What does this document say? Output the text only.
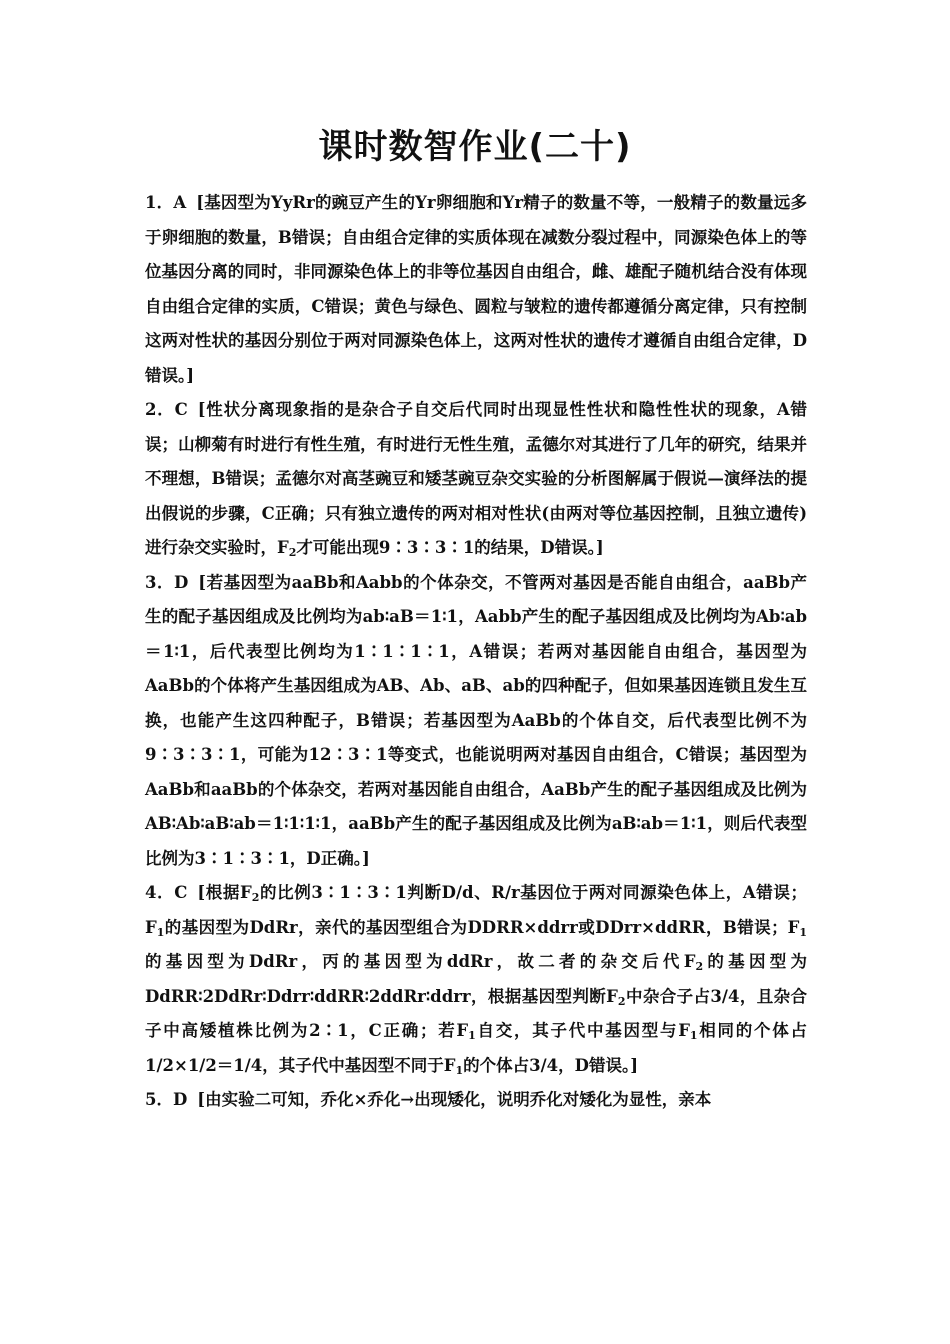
课时数智作业(二十)

1．A [基因型为YyRr的豌豆产生的Yr卵细胞和Yr精子的数量不等，一般精子的数量远多于卵细胞的数量，B错误；自由组合定律的实质体现在减数分裂过程中，同源染色体上的等位基因分离的同时，非同源染色体上的非等位基因自由组合，雌、雄配子随机结合没有体现自由组合定律的实质，C错误；黄色与绿色、圆粒与皱粒的遗传都遵循分离定律，只有控制这两对性状的基因分别位于两对同源染色体上，这两对性状的遗传才遵循自由组合定律，D错误。]

2．C [性状分离现象指的是杂合子自交后代同时出现显性性状和隐性性状的现象，A错误；山柳菊有时进行有性生殖，有时进行无性生殖，孟德尔对其进行了几年的研究，结果并不理想，B错误；孟德尔对高茎豌豆和矮茎豌豆杂交实验的分析图解属于假说—演绎法的提出假说的步骤，C正确；只有独立遗传的两对相对性状(由两对等位基因控制，且独立遗传)进行杂交实验时，$F_2$才可能出现9∶3∶3∶1的结果，D错误。]

3．D [若基因型为aaBb和Aabb的个体杂交，不管两对基因是否能自由组合，aaBb产生的配子基因组成及比例均为ab∶aB＝1∶1，Aabb产生的配子基因组成及比例均为Ab∶ab＝1∶1，后代表型比例均为1∶1∶1∶1，A错误；若两对基因能自由组合，基因型为AaBb的个体将产生基因组成为AB、Ab、aB、ab的四种配子，但如果基因连锁且发生互换，也能产生这四种配子，B错误；若基因型为AaBb的个体自交，后代表型比例不为9∶3∶3∶1，可能为12∶3∶1等变式，也能说明两对基因自由组合，C错误；基因型为AaBb和aaBb的个体杂交，若两对基因能自由组合，AaBb产生的配子基因组成及比例为AB∶Ab∶aB∶ab＝1∶1∶1∶1，aaBb产生的配子基因组成及比例为aB∶ab＝1∶1，则后代表型比例为3∶1∶3∶1，D正确。]

4．C [根据$F_2$的比例3∶1∶3∶1判断D/d、R/r基因位于两对同源染色体上，A错误；$F_1$的基因型为DdRr，亲代的基因型组合为DDRR×ddrr或DDrr×ddRR，B错误；$F_1$的基因型为DdRr，丙的基因型为ddRr，故二者的杂交后代$F_2$的基因型为DdRR∶2DdRr∶Ddrr∶ddRR∶2ddRr∶ddrr，根据基因型判断$F_2$中杂合子占3/4，且杂合子中高矮植株比例为2∶1，C正确；若$F_1$自交，其子代中基因型与$F_1$相同的个体占1/2×1/2＝1/4，其子代中基因型不同于$F_1$的个体占3/4，D错误。]

5．D [由实验二可知，乔化×乔化→出现矮化，说明乔化对矮化为显性，亲本
